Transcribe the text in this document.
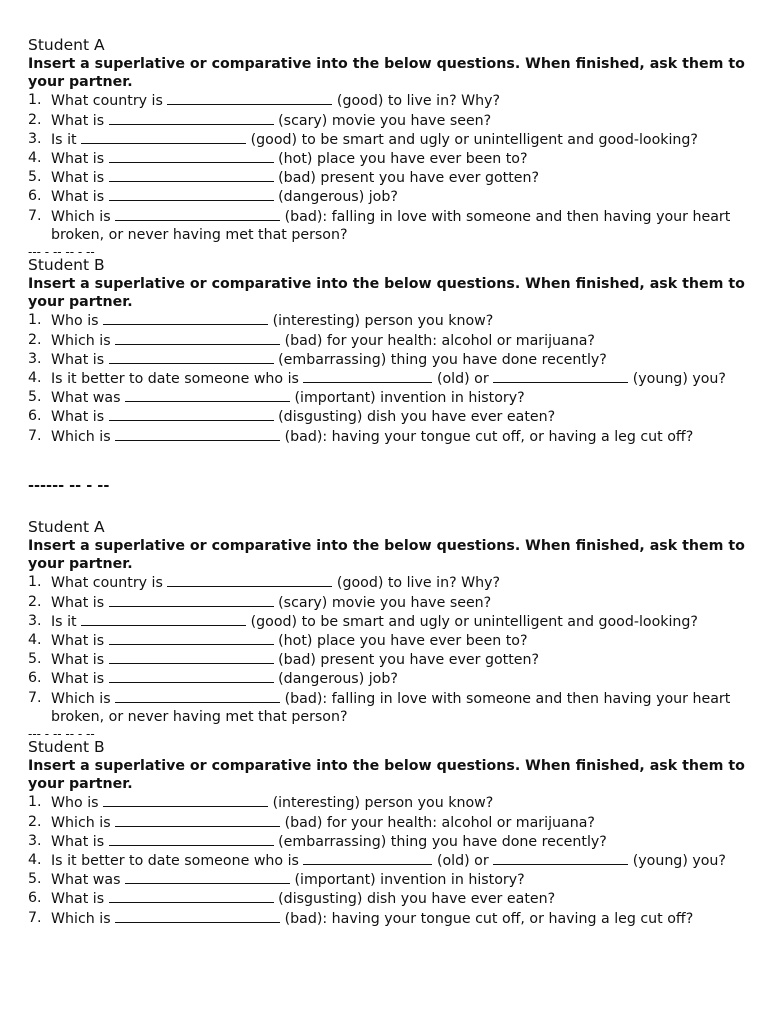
Student A

Insert a superlative or comparative into the below questions. When finished, ask them to your partner.

1. What country is	(good) to live in? Why?
2. What is	(scary) movie you have seen?
3. Is it	(good) to be smart and ugly or unintelligent and good-looking?
4. What is	(hot) place you have ever been to?
5. What is	(bad) present you have ever gotten?
6. What is	(dangerous) job?
7. Which is	(bad): falling in love with someone and then having your heart broken, or never having met that person?
--- - -- -- - --
Student B

Insert a superlative or comparative into the below questions. When finished, ask them to your partner.

1. Who is	(interesting) person you know?
2. Which is	(bad) for your health: alcohol or marijuana?
3. What is	(embarrassing) thing you have done recently?
4. Is it better to date someone who is	(old) or	(young) you?
5. What was	(important) invention in history?
6. What is	(disgusting) dish you have ever eaten?
7. Which is	(bad): having your tongue cut off, or having a leg cut off?
------ -- - --
Student A

Insert a superlative or comparative into the below questions. When finished, ask them to your partner.

1. What country is	(good) to live in? Why?
2. What is	(scary) movie you have seen?
3. Is it	(good) to be smart and ugly or unintelligent and good-looking?
4. What is	(hot) place you have ever been to?
5. What is	(bad) present you have ever gotten?
6. What is	(dangerous) job?
7. Which is	(bad): falling in love with someone and then having your heart broken, or never having met that person?
--- - -- -- - --
Student B

Insert a superlative or comparative into the below questions. When finished, ask them to your partner.

1. Who is	(interesting) person you know?
2. Which is	(bad) for your health: alcohol or marijuana?
3. What is	(embarrassing) thing you have done recently?
4. Is it better to date someone who is	(old) or	(young) you?
5. What was	(important) invention in history?
6. What is	(disgusting) dish you have ever eaten?
7. Which is	(bad): having your tongue cut off, or having a leg cut off?
